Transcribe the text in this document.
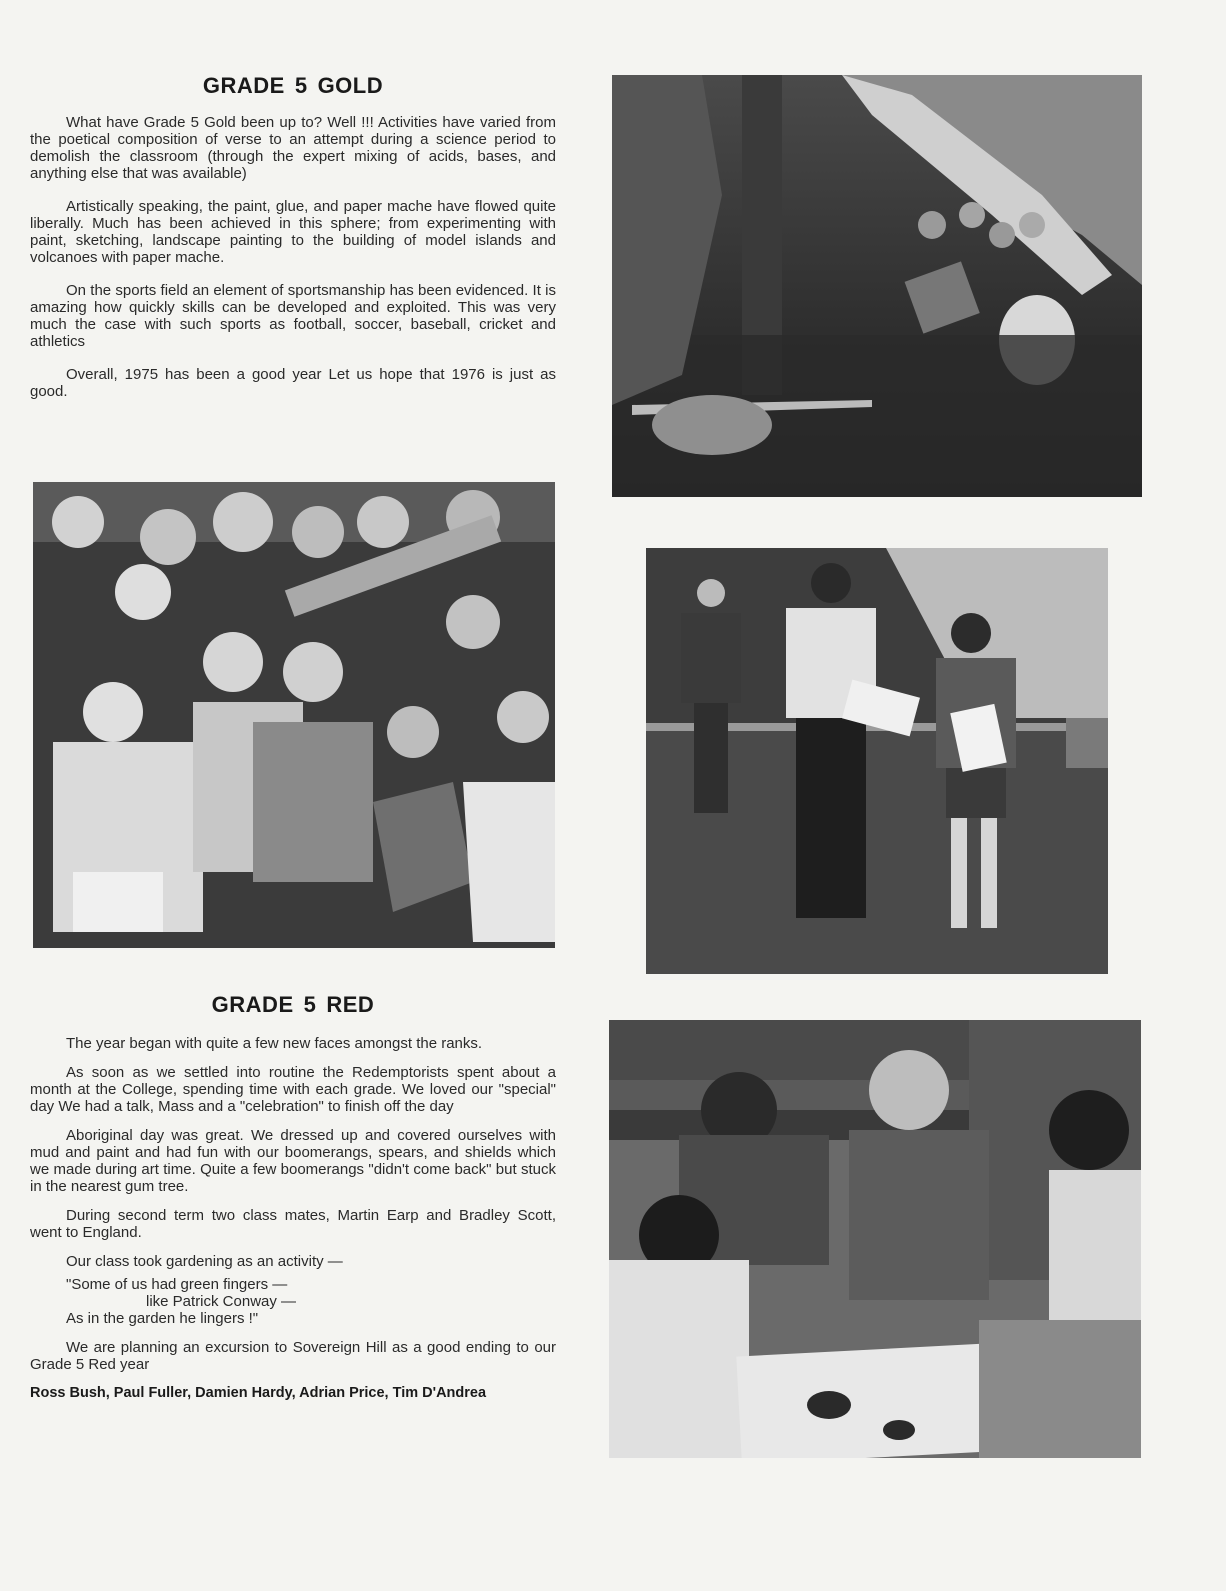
GRADE 5 GOLD

What have Grade 5 Gold been up to? Well !!! Activities have varied from the poetical composition of verse to an attempt during a science period to demolish the classroom (through the expert mixing of acids, bases, and anything else that was available)

Artistically speaking, the paint, glue, and paper mache have flowed quite liberally. Much has been achieved in this sphere; from experimenting with paint, sketching, landscape painting to the building of model islands and volcanoes with paper mache.

On the sports field an element of sportsmanship has been evidenced. It is amazing how quickly skills can be developed and exploited. This was very much the case with such sports as football, soccer, baseball, cricket and athletics

Overall, 1975 has been a good year Let us hope that 1976 is just as good.

GRADE 5 RED

The year began with quite a few new faces amongst the ranks.

As soon as we settled into routine the Redemptorists spent about a month at the College, spending time with each grade. We loved our "special" day We had a talk, Mass and a "celebration" to finish off the day

Aboriginal day was great. We dressed up and covered ourselves with mud and paint and had fun with our boomerangs, spears, and shields which we made during art time. Quite a few boomerangs "didn't come back" but stuck in the nearest gum tree.

During second term two class mates, Martin Earp and Bradley Scott, went to England.

Our class took gardening as an activity —

"Some of us had green fingers —
like Patrick Conway —
As in the garden he lingers !"

We are planning an excursion to Sovereign Hill as a good ending to our Grade 5 Red year

Ross Bush, Paul Fuller, Damien Hardy, Adrian Price, Tim D'Andrea
